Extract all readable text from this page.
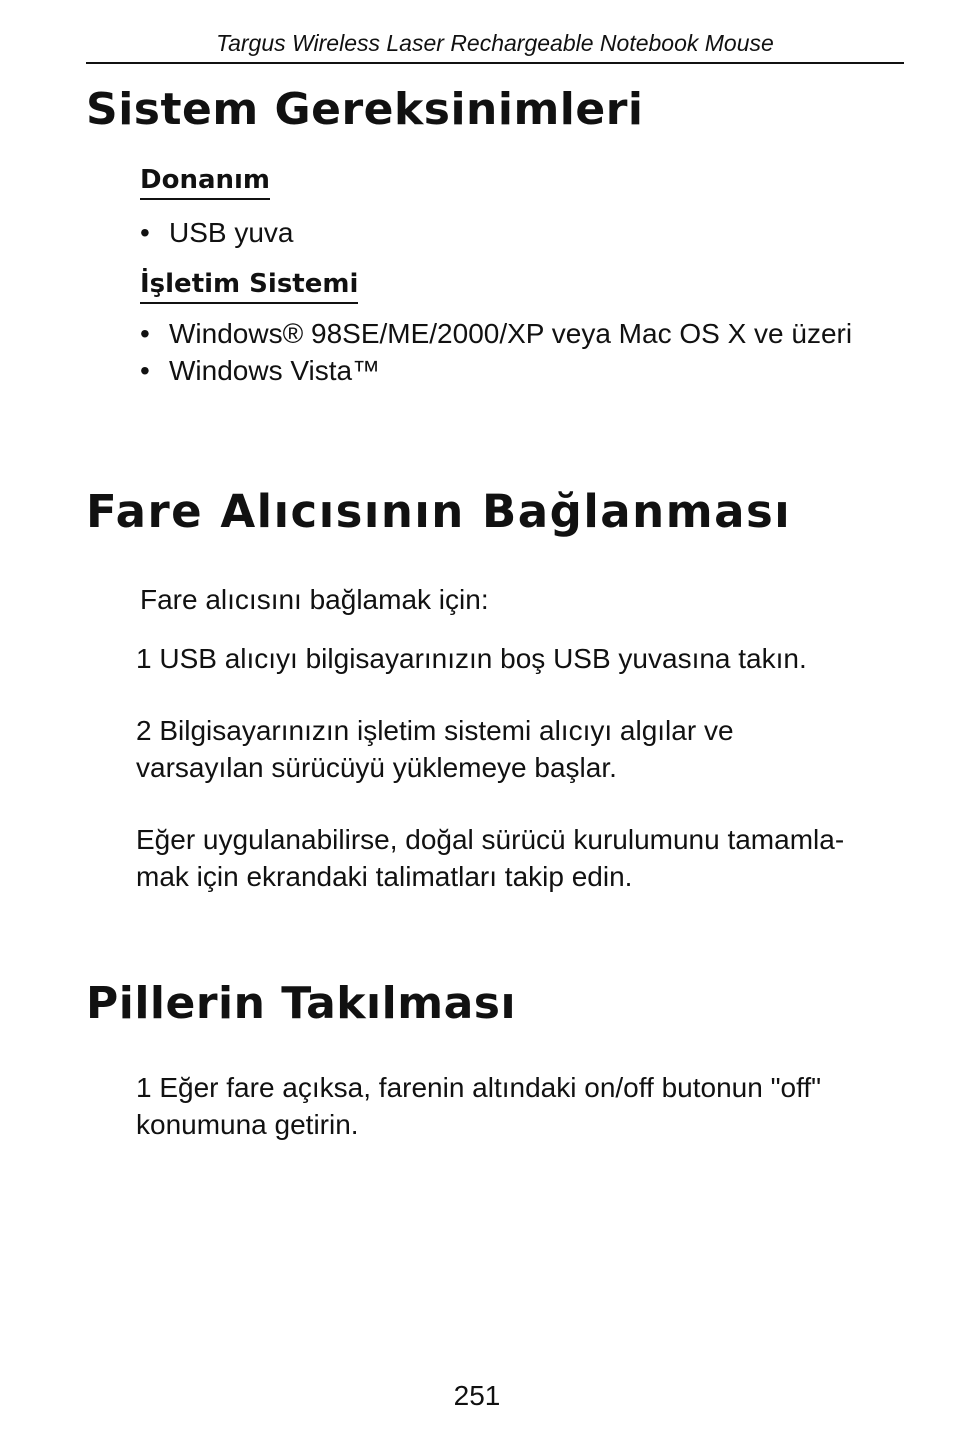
Targus Wireless Laser Rechargeable Notebook Mouse
Sistem Gereksinimleri
Donanım
• USB yuva
İşletim Sistemi
• Windows® 98SE/ME/2000/XP veya Mac OS X ve üzeri
• Windows Vista™
Fare Alıcısının Bağlanması

Fare alıcısını bağlamak için:

1 USB alıcıyı bilgisayarınızın boş USB yuvasına takın.

2 Bilgisayarınızın işletim sistemi alıcıyı algılar ve
varsayılan sürücüyü yüklemeye başlar.

Eğer uygulanabilirse, doğal sürücü kurulumunu tamamla-
mak için ekrandaki talimatları takip edin.

Pillerin Takılması

1 Eğer fare açıksa, farenin altındaki on/off butonun "off"
konumuna getirin.

251
